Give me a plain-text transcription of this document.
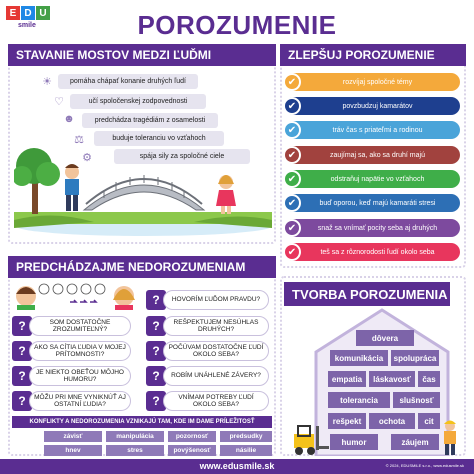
E D U
smile	POROZUMENIE
STAVANIE MOSTOV MEDZI ĽUĎMI
☀
♡
☻
⚖
⚙
pomáha chápať konanie druhých ľudí
učí spoločenskej zodpovednosti
predchádza tragédiám z osamelosti
buduje toleranciu vo vzťahoch
spája sily za spoločné ciele
ZLEPŠUJ POROZUMENIE
✔	rozvíjaj spoločné témy
✔	povzbudzuj kamarátov
✔	tráv čas s priateľmi a rodinou
✔	zaujímaj sa, ako sa druhí majú
✔	odstraňuj napätie vo vzťahoch
✔	buď oporou, keď majú kamaráti stresi
✔	snaž sa vnímať pocity seba aj druhých
✔	teš sa z rôznorodosti ľudí okolo seba
PREDCHÁDZAJME NEDOROZUMENIAM
?	SOM DOSTATOČNE ZROZUMITEĽNÝ?
?	AKO SA CÍTIA ĽUDIA V MOJEJ PRÍTOMNOSTI?
?	JE NIEKTO OBEŤOU MÔJHO HUMORU?
?	MÔŽU PRI MNE VYNIKNÚŤ AJ OSTATNÍ ĽUDIA?
?	HOVORÍM ĽUĎOM PRAVDU?
?	REŠPEKTUJEM NESÚHLAS DRUHÝCH?
?	POČÚVAM DOSTATOČNE ĽUDÍ OKOLO SEBA?
?	ROBÍM UNÁHLENÉ ZÁVERY?
?	VNÍMAM POTREBY ĽUDÍ OKOLO SEBA?
KONFLIKTY A NEDOROZUMENIA VZNIKAJÚ TAM, KDE IM DAME PRÍLEŽITOSŤ
závisť	manipulácia	pozornosť	predsudky
hnev	stres	povýšenosť	násilie
TVORBA POROZUMENIA
dôvera
komunikácia	spolupráca
empatia	láskavosť	čas
tolerancia	slušnosť
rešpekt	ochota	cit
humor	záujem
www.edusmile.sk	© 2024, EDUSMILE s.r.o., www.edusmile.sk
